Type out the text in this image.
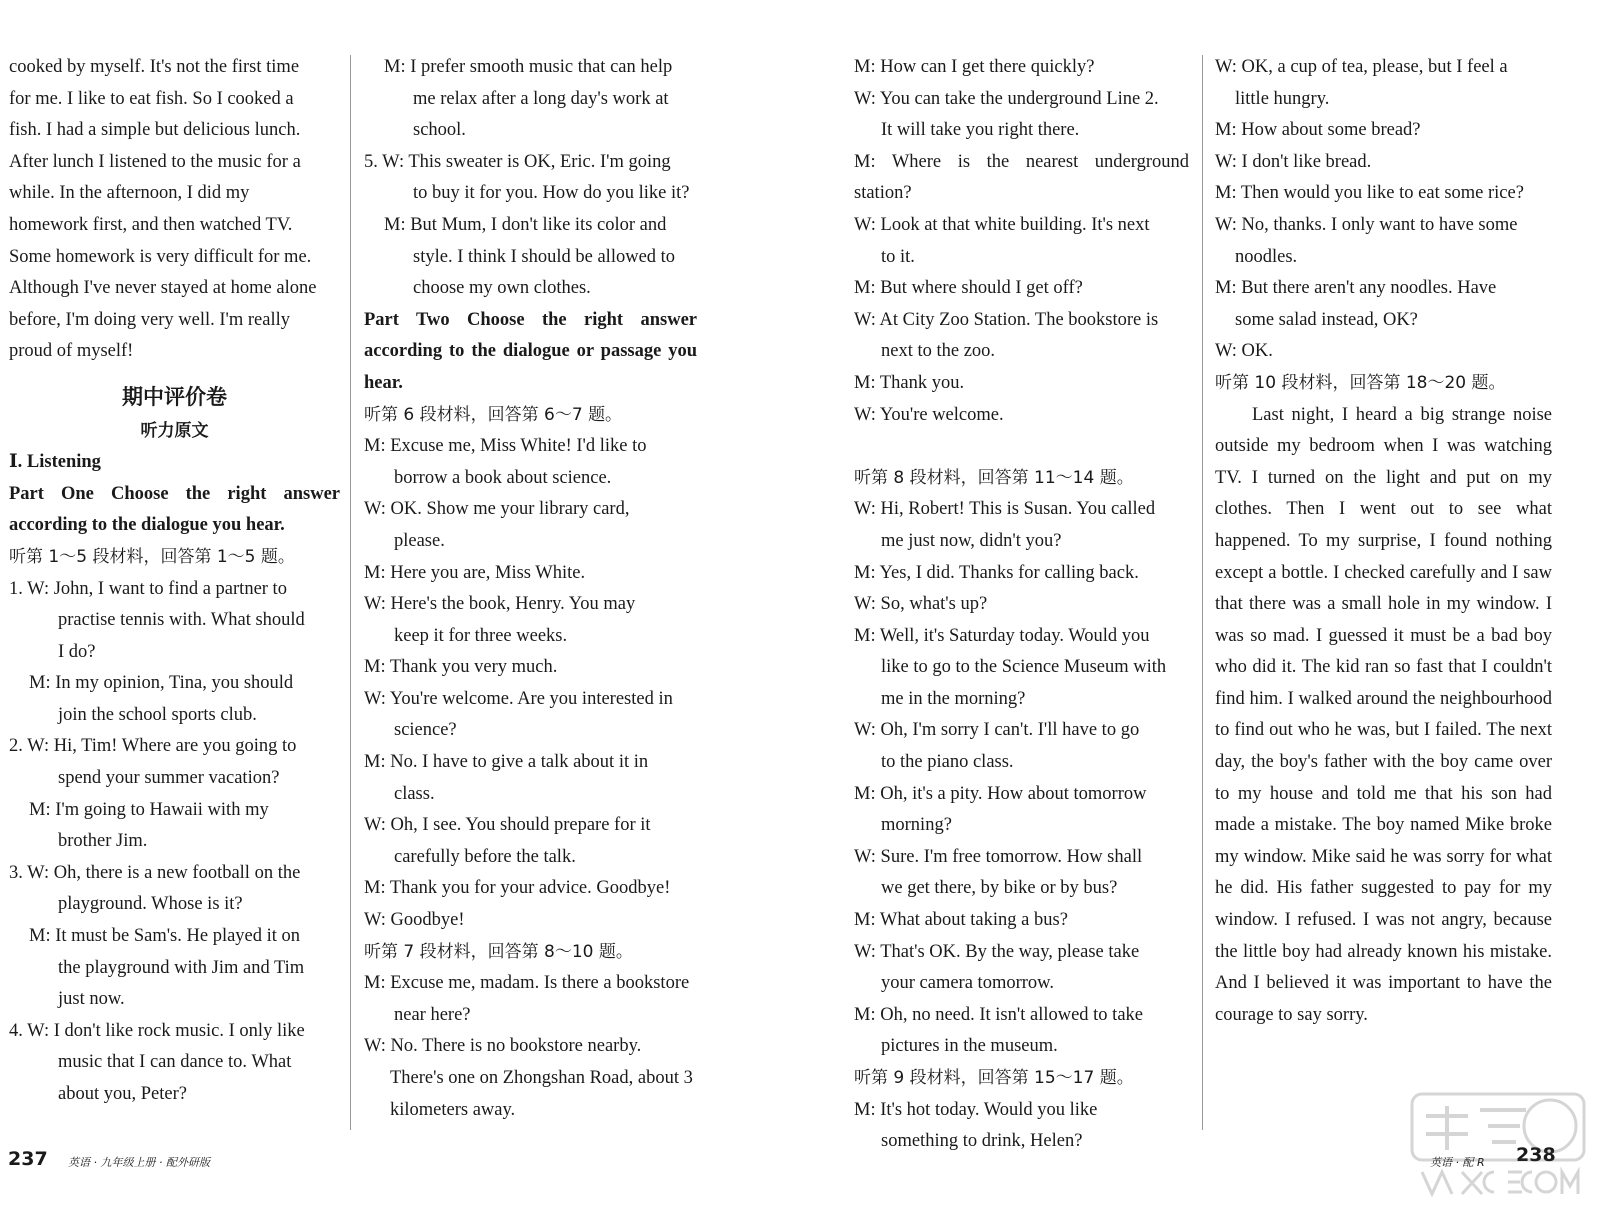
cooked by myself. It's not the first time
for me. I like to eat fish. So I cooked a
fish. I had a simple but delicious lunch.
After lunch I listened to the music for a
while. In the afternoon, I did my
homework first, and then watched TV.
Some homework is very difficult for me.
Although I've never stayed at home alone
before, I'm doing very well. I'm really
proud of myself!

期中评价卷
听力原文

Ⅰ. Listening

Part One Choose the right answer according to the dialogue you hear.

听第 1～5 段材料，回答第 1～5 题。

1. W: John, I want to find a partner to
practise tennis with. What should
I do?
M: In my opinion, Tina, you should
join the school sports club.
2. W: Hi, Tim! Where are you going to
spend your summer vacation?
M: I'm going to Hawaii with my
brother Jim.
3. W: Oh, there is a new football on the
playground. Whose is it?
M: It must be Sam's. He played it on
the playground with Jim and Tim
just now.
4. W: I don't like rock music. I only like
music that I can dance to. What
about you, Peter?

M: I prefer smooth music that can help
me relax after a long day's work at
school.
5. W: This sweater is OK, Eric. I'm going
to buy it for you. How do you like it?
M: But Mum, I don't like its color and
style. I think I should be allowed to
choose my own clothes.

Part Two Choose the right answer according to the dialogue or passage you hear.

听第 6 段材料，回答第 6～7 题。

M: Excuse me, Miss White! I'd like to
borrow a book about science.
W: OK. Show me your library card,
please.
M: Here you are, Miss White.
W: Here's the book, Henry. You may
keep it for three weeks.
M: Thank you very much.
W: You're welcome. Are you interested in
science?
M: No. I have to give a talk about it in
class.
W: Oh, I see. You should prepare for it
carefully before the talk.
M: Thank you for your advice. Goodbye!
W: Goodbye!

听第 7 段材料，回答第 8～10 题。

M: Excuse me, madam. Is there a bookstore
near here?
W: No. There is no bookstore nearby.
There's one on Zhongshan Road, about 3
kilometers away.

M: How can I get there quickly?
W: You can take the underground Line 2.
It will take you right there.
M: Where is the nearest underground station?
W: Look at that white building. It's next
to it.
M: But where should I get off?
W: At City Zoo Station. The bookstore is
next to the zoo.
M: Thank you.
W: You're welcome.

听第 8 段材料，回答第 11～14 题。

W: Hi, Robert! This is Susan. You called
me just now, didn't you?
M: Yes, I did. Thanks for calling back.
W: So, what's up?
M: Well, it's Saturday today. Would you
like to go to the Science Museum with
me in the morning?
W: Oh, I'm sorry I can't. I'll have to go
to the piano class.
M: Oh, it's a pity. How about tomorrow
morning?
W: Sure. I'm free tomorrow. How shall
we get there, by bike or by bus?
M: What about taking a bus?
W: That's OK. By the way, please take
your camera tomorrow.
M: Oh, no need. It isn't allowed to take
pictures in the museum.

听第 9 段材料，回答第 15～17 题。

M: It's hot today. Would you like
something to drink, Helen?

W: OK, a cup of tea, please, but I feel a
little hungry.
M: How about some bread?
W: I don't like bread.
M: Then would you like to eat some rice?
W: No, thanks. I only want to have some
noodles.
M: But there aren't any noodles. Have
some salad instead, OK?
W: OK.

听第 10 段材料，回答第 18～20 题。

Last night, I heard a big strange noise outside my bedroom when I was watching TV. I turned on the light and put on my clothes. Then I went out to see what happened. To my surprise, I found nothing except a bottle. I checked carefully and I saw that there was a small hole in my window. I was so mad. I guessed it must be a bad boy who did it. The kid ran so fast that I couldn't find him. I walked around the neighbourhood to find out who he was, but I failed. The next day, the boy's father with the boy came over to my house and told me that his son had made a mistake. The boy named Mike broke my window. Mike said he was sorry for what he did. His father suggested to pay for my window. I refused. I was not angry, because the little boy had already known his mistake. And I believed it was important to have the courage to say sorry.

237 英语 · 九年级上册 · 配外研版	英语 · 配 R 238
